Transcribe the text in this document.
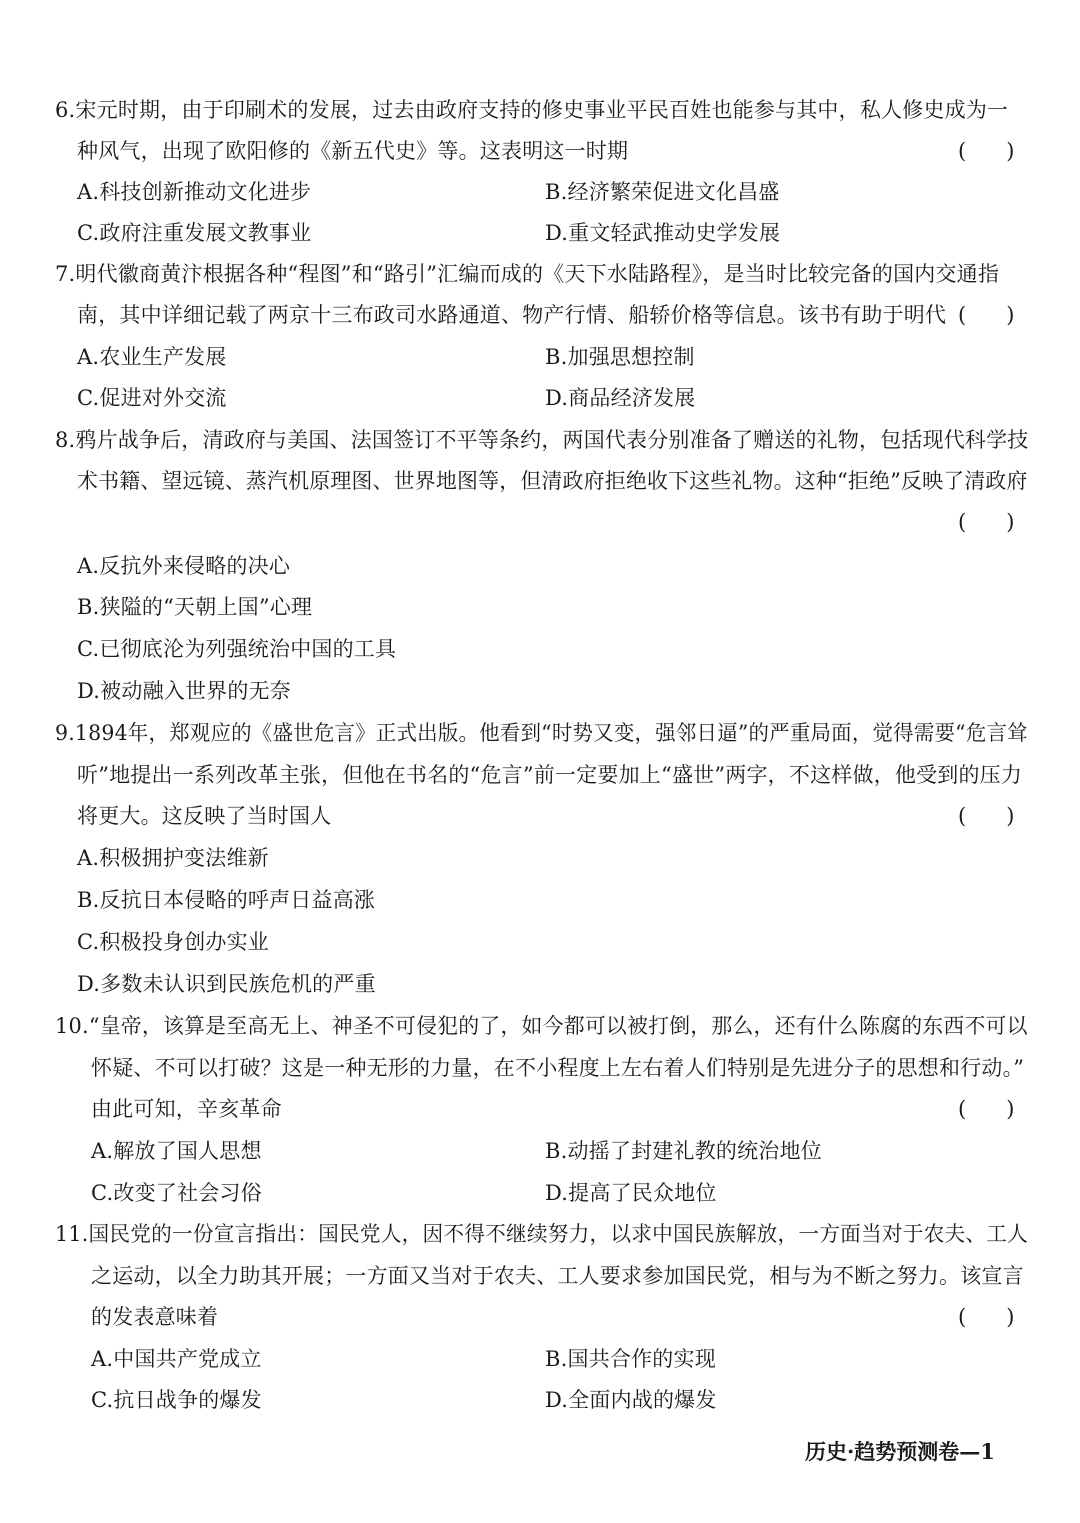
6.宋元时期，由于印刷术的发展，过去由政府支持的修史事业平民百姓也能参与其中，私人修史成为一
种风气，出现了欧阳修的《新五代史》等。这表明这一时期	(      )
A.科技创新推动文化进步	B.经济繁荣促进文化昌盛
C.政府注重发展文教事业	D.重文轻武推动史学发展
7.明代徽商黄汴根据各种“程图”和“路引”汇编而成的《天下水陆路程》，是当时比较完备的国内交通指
南，其中详细记载了两京十三布政司水路通道、物产行情、船轿价格等信息。该书有助于明代 (      )
A.农业生产发展	B.加强思想控制
C.促进对外交流	D.商品经济发展
8.鸦片战争后，清政府与美国、法国签订不平等条约，两国代表分别准备了赠送的礼物，包括现代科学技
术书籍、望远镜、蒸汽机原理图、世界地图等，但清政府拒绝收下这些礼物。这种“拒绝”反映了清政府
(      )
A.反抗外来侵略的决心
B.狭隘的“天朝上国”心理
C.已彻底沦为列强统治中国的工具
D.被动融入世界的无奈
9.1894年，郑观应的《盛世危言》正式出版。他看到“时势又变，强邻日逼”的严重局面，觉得需要“危言耸
听”地提出一系列改革主张，但他在书名的“危言”前一定要加上“盛世”两字，不这样做，他受到的压力
将更大。这反映了当时国人	(      )
A.积极拥护变法维新
B.反抗日本侵略的呼声日益高涨
C.积极投身创办实业
D.多数未认识到民族危机的严重
10.“皇帝，该算是至高无上、神圣不可侵犯的了，如今都可以被打倒，那么，还有什么陈腐的东西不可以
怀疑、不可以打破？这是一种无形的力量，在不小程度上左右着人们特别是先进分子的思想和行动。”
由此可知，辛亥革命	(      )
A.解放了国人思想	B.动摇了封建礼教的统治地位
C.改变了社会习俗	D.提高了民众地位
11.国民党的一份宣言指出：国民党人，因不得不继续努力，以求中国民族解放，一方面当对于农夫、工人
之运动，以全力助其开展；一方面又当对于农夫、工人要求参加国民党，相与为不断之努力。该宣言
的发表意味着	(      )
A.中国共产党成立	B.国共合作的实现
C.抗日战争的爆发	D.全面内战的爆发
历史·趋势预测卷—1
